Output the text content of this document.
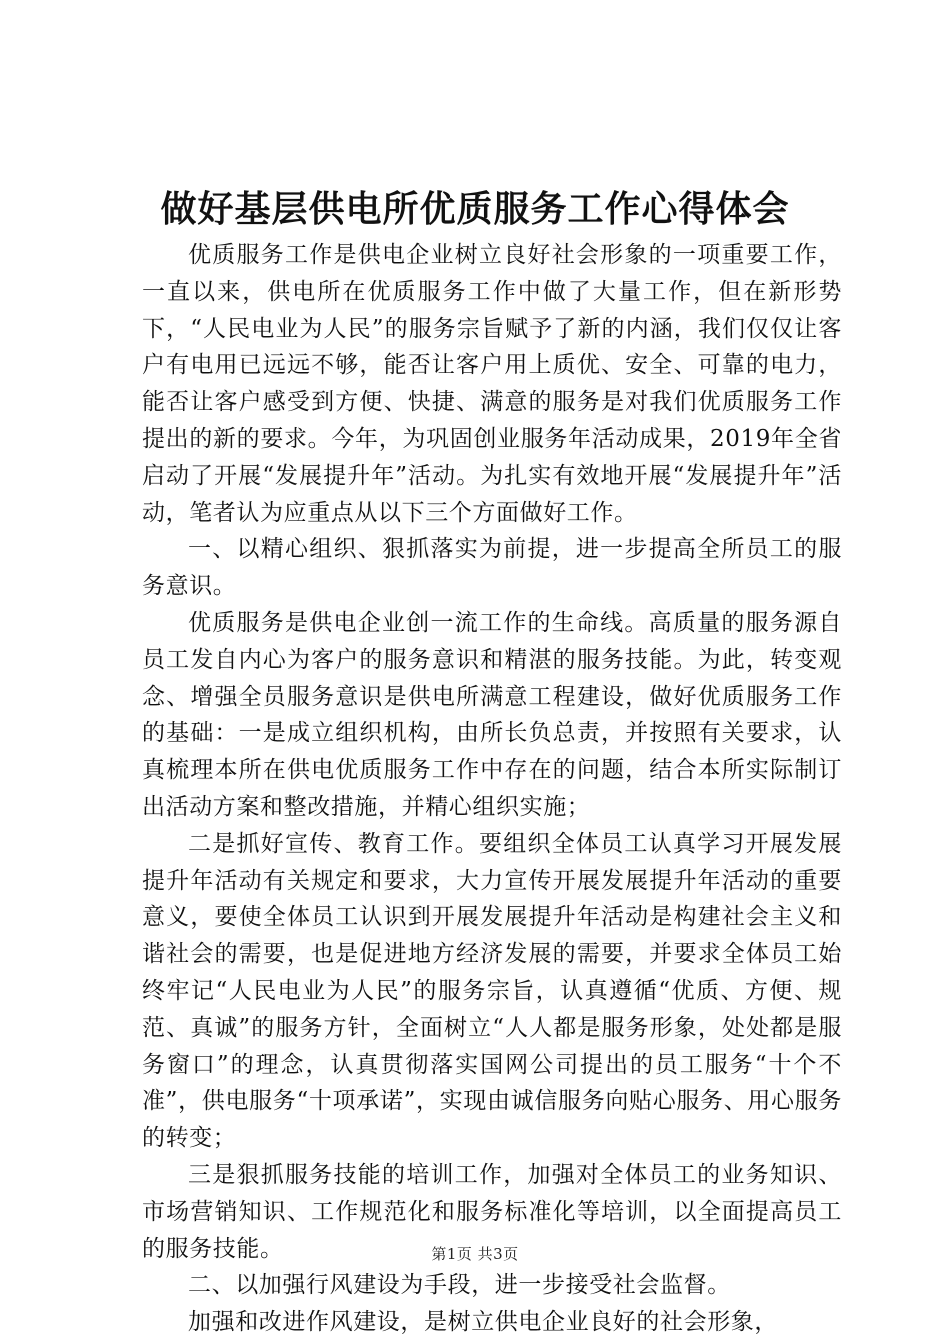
做好基层供电所优质服务工作心得体会

优质服务工作是供电企业树立良好社会形象的一项重要工作，一直以来，供电所在优质服务工作中做了大量工作，但在新形势下，“人民电业为人民”的服务宗旨赋予了新的内涵，我们仅仅让客户有电用已远远不够，能否让客户用上质优、安全、可靠的电力，能否让客户感受到方便、快捷、满意的服务是对我们优质服务工作提出的新的要求。今年，为巩固创业服务年活动成果，2019年全省启动了开展“发展提升年”活动。为扎实有效地开展“发展提升年”活动，笔者认为应重点从以下三个方面做好工作。

一、以精心组织、狠抓落实为前提，进一步提高全所员工的服务意识。

优质服务是供电企业创一流工作的生命线。高质量的服务源自员工发自内心为客户的服务意识和精湛的服务技能。为此，转变观念、增强全员服务意识是供电所满意工程建设，做好优质服务工作的基础：一是成立组织机构，由所长负总责，并按照有关要求，认真梳理本所在供电优质服务工作中存在的问题，结合本所实际制订出活动方案和整改措施，并精心组织实施；

二是抓好宣传、教育工作。要组织全体员工认真学习开展发展提升年活动有关规定和要求，大力宣传开展发展提升年活动的重要意义，要使全体员工认识到开展发展提升年活动是构建社会主义和谐社会的需要，也是促进地方经济发展的需要，并要求全体员工始终牢记“人民电业为人民”的服务宗旨，认真遵循“优质、方便、规范、真诚”的服务方针，全面树立“人人都是服务形象，处处都是服务窗口”的理念，认真贯彻落实国网公司提出的员工服务“十个不准”，供电服务“十项承诺”，实现由诚信服务向贴心服务、用心服务的转变；

三是狠抓服务技能的培训工作，加强对全体员工的业务知识、市场营销知识、工作规范化和服务标准化等培训，以全面提高员工的服务技能。

二、以加强行风建设为手段，进一步接受社会监督。

加强和改进作风建设，是树立供电企业良好的社会形象，

第1页 共3页
